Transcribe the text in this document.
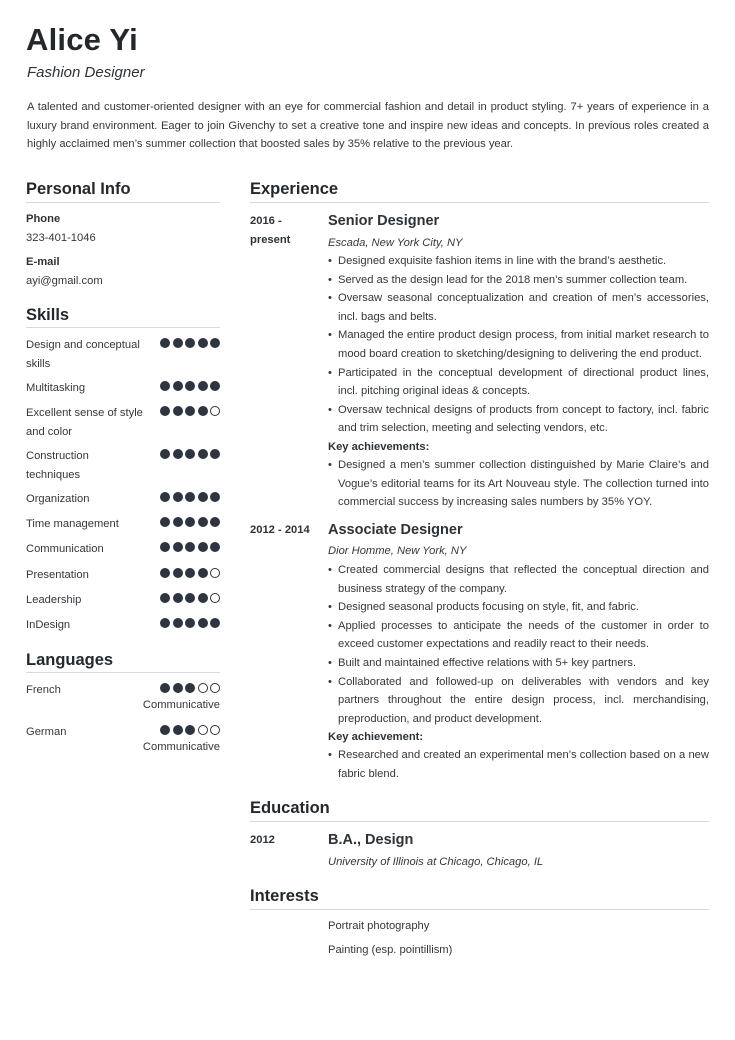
Alice Yi
Fashion Designer
A talented and customer-oriented designer with an eye for commercial fashion and detail in product styling. 7+ years of experience in a luxury brand environment. Eager to join Givenchy to set a creative tone and inspire new ideas and concepts. In previous roles created a highly acclaimed men’s summer collection that boosted sales by 35% relative to the previous year.
Personal Info
Phone
323-401-1046
E-mail
ayi@gmail.com
Skills
Design and conceptual skills
Multitasking
Excellent sense of style and color
Construction techniques
Organization
Time management
Communication
Presentation
Leadership
InDesign
Languages
French
Communicative
German
Communicative
Experience
2016 - present
Senior Designer
Escada, New York City, NY
• Designed exquisite fashion items in line with the brand’s aesthetic.
• Served as the design lead for the 2018 men’s summer collection team.
• Oversaw seasonal conceptualization and creation of men’s accessories, incl. bags and belts.
• Managed the entire product design process, from initial market research to mood board creation to sketching/designing to delivering the end product.
• Participated in the conceptual development of directional product lines, incl. pitching original ideas & concepts.
• Oversaw technical designs of products from concept to factory, incl. fabric and trim selection, meeting and selecting vendors, etc.
Key achievements:
• Designed a men’s summer collection distinguished by Marie Claire’s and Vogue’s editorial teams for its Art Nouveau style. The collection turned into commercial success by increasing sales numbers by 35% YOY.
2012 - 2014 Associate Designer
Dior Homme, New York, NY
• Created commercial designs that reflected the conceptual direction and business strategy of the company.
• Designed seasonal products focusing on style, fit, and fabric.
• Applied processes to anticipate the needs of the customer in order to exceed customer expectations and readily react to their needs.
• Built and maintained effective relations with 5+ key partners.
• Collaborated and followed-up on deliverables with vendors and key partners throughout the entire design process, incl. merchandising, preproduction, and product development.
Key achievement:
• Researched and created an experimental men’s collection based on a new fabric blend.
Education
2012	B.A., Design
University of Illinois at Chicago, Chicago, IL
Interests
Portrait photography
Painting (esp. pointillism)
